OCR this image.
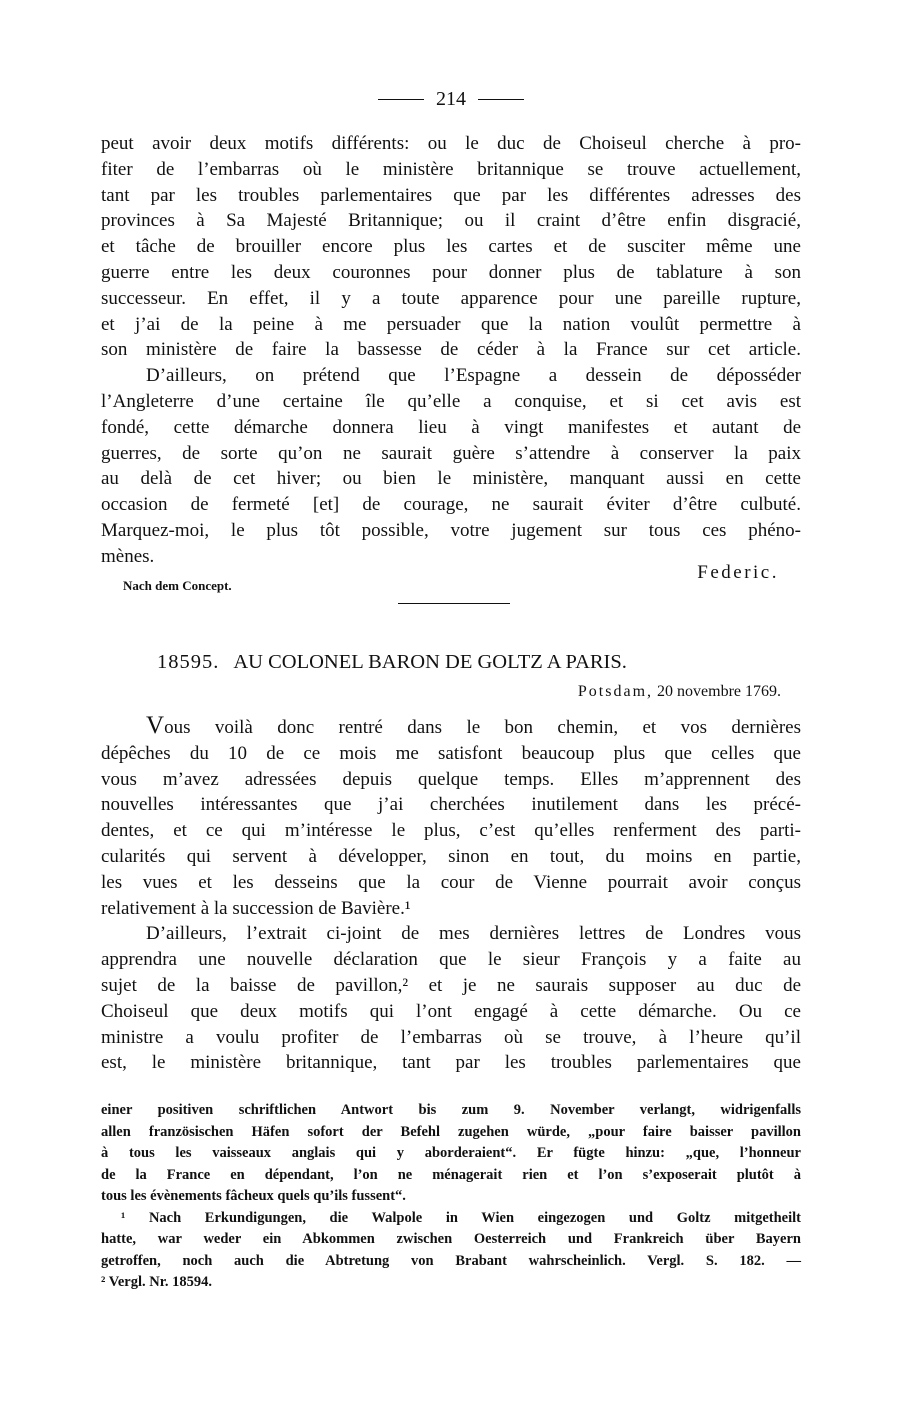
214

peut avoir deux motifs différents: ou le duc de Choiseul cherche à pro-
fiter de l’embarras où le ministère britannique se trouve actuellement,
tant par les troubles parlementaires que par les différentes adresses des
provinces à Sa Majesté Britannique; ou il craint d’être enfin disgracié,
et tâche de brouiller encore plus les cartes et de susciter même une
guerre entre les deux couronnes pour donner plus de tablature à son
successeur. En effet, il y a toute apparence pour une pareille rupture,
et j’ai de la peine à me persuader que la nation voulût permettre à
son ministère de faire la bassesse de céder à la France sur cet article.

D’ailleurs, on prétend que l’Espagne a dessein de déposséder
l’Angleterre d’une certaine île qu’elle a conquise, et si cet avis est
fondé, cette démarche donnera lieu à vingt manifestes et autant de
guerres, de sorte qu’on ne saurait guère s’attendre à conserver la paix
au delà de cet hiver; ou bien le ministère, manquant aussi en cette
occasion de fermeté [et] de courage, ne saurait éviter d’être culbuté.
Marquez-moi, le plus tôt possible, votre jugement sur tous ces phéno-
mènes.

Nach dem Concept.
Federic.
18595. AU COLONEL BARON DE GOLTZ A PARIS.
Potsdam, 20 novembre 1769.

Vous voilà donc rentré dans le bon chemin, et vos dernières
dépêches du 10 de ce mois me satisfont beaucoup plus que celles que
vous m’avez adressées depuis quelque temps. Elles m’apprennent des
nouvelles intéressantes que j’ai cherchées inutilement dans les précé-
dentes, et ce qui m’intéresse le plus, c’est qu’elles renferment des parti-
cularités qui servent à développer, sinon en tout, du moins en partie,
les vues et les desseins que la cour de Vienne pourrait avoir conçus
relativement à la succession de Bavière.¹

D’ailleurs, l’extrait ci-joint de mes dernières lettres de Londres vous
apprendra une nouvelle déclaration que le sieur François y a faite au
sujet de la baisse de pavillon,² et je ne saurais supposer au duc de
Choiseul que deux motifs qui l’ont engagé à cette démarche. Ou ce
ministre a voulu profiter de l’embarras où se trouve, à l’heure qu’il
est, le ministère britannique, tant par les troubles parlementaires que

einer positiven schriftlichen Antwort bis zum 9. November verlangt, widrigenfalls
allen französischen Häfen sofort der Befehl zugehen würde, „pour faire baisser pavillon
à tous les vaisseaux anglais qui y aborderaient“. Er fügte hinzu: „que, l’honneur
de la France en dépendant, l’on ne ménagerait rien et l’on s’exposerait plutôt à
tous les évènements fâcheux quels qu’ils fussent“.

¹ Nach Erkundigungen, die Walpole in Wien eingezogen und Goltz mitgetheilt
hatte, war weder ein Abkommen zwischen Oesterreich und Frankreich über Bayern
getroffen, noch auch die Abtretung von Brabant wahrscheinlich. Vergl. S. 182. —

² Vergl. Nr. 18594.
